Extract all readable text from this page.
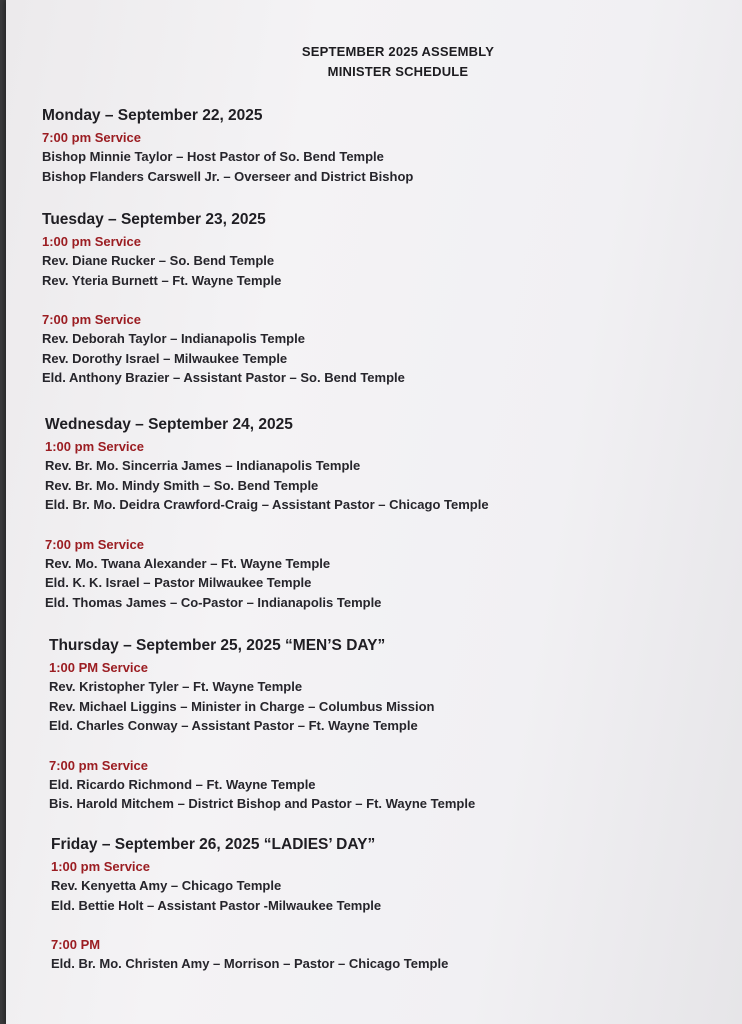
SEPTEMBER 2025 ASSEMBLY
MINISTER SCHEDULE
Monday – September 22, 2025
7:00 pm Service
Bishop Minnie Taylor – Host Pastor of So. Bend Temple
Bishop Flanders Carswell Jr. – Overseer and District Bishop
Tuesday – September 23, 2025
1:00 pm Service
Rev. Diane Rucker – So. Bend Temple
Rev. Yteria Burnett – Ft. Wayne Temple
7:00 pm Service
Rev. Deborah Taylor – Indianapolis Temple
Rev. Dorothy Israel – Milwaukee Temple
Eld. Anthony Brazier – Assistant Pastor – So. Bend Temple
Wednesday – September 24, 2025
1:00 pm Service
Rev. Br. Mo. Sincerria James – Indianapolis Temple
Rev. Br. Mo. Mindy Smith – So. Bend Temple
Eld. Br. Mo. Deidra Crawford-Craig – Assistant Pastor – Chicago Temple
7:00 pm Service
Rev. Mo. Twana Alexander – Ft. Wayne Temple
Eld. K. K. Israel – Pastor Milwaukee Temple
Eld. Thomas James – Co-Pastor – Indianapolis Temple
Thursday – September 25, 2025 “MEN’S DAY”
1:00 PM Service
Rev. Kristopher Tyler – Ft. Wayne Temple
Rev. Michael Liggins – Minister in Charge – Columbus Mission
Eld. Charles Conway – Assistant Pastor – Ft. Wayne Temple
7:00 pm Service
Eld. Ricardo Richmond – Ft. Wayne Temple
Bis. Harold Mitchem – District Bishop and Pastor – Ft. Wayne Temple
Friday – September 26, 2025 “LADIES’ DAY”
1:00 pm Service
Rev. Kenyetta Amy – Chicago Temple
Eld. Bettie Holt – Assistant Pastor -Milwaukee Temple
7:00 PM
Eld. Br. Mo. Christen Amy – Morrison – Pastor – Chicago Temple
